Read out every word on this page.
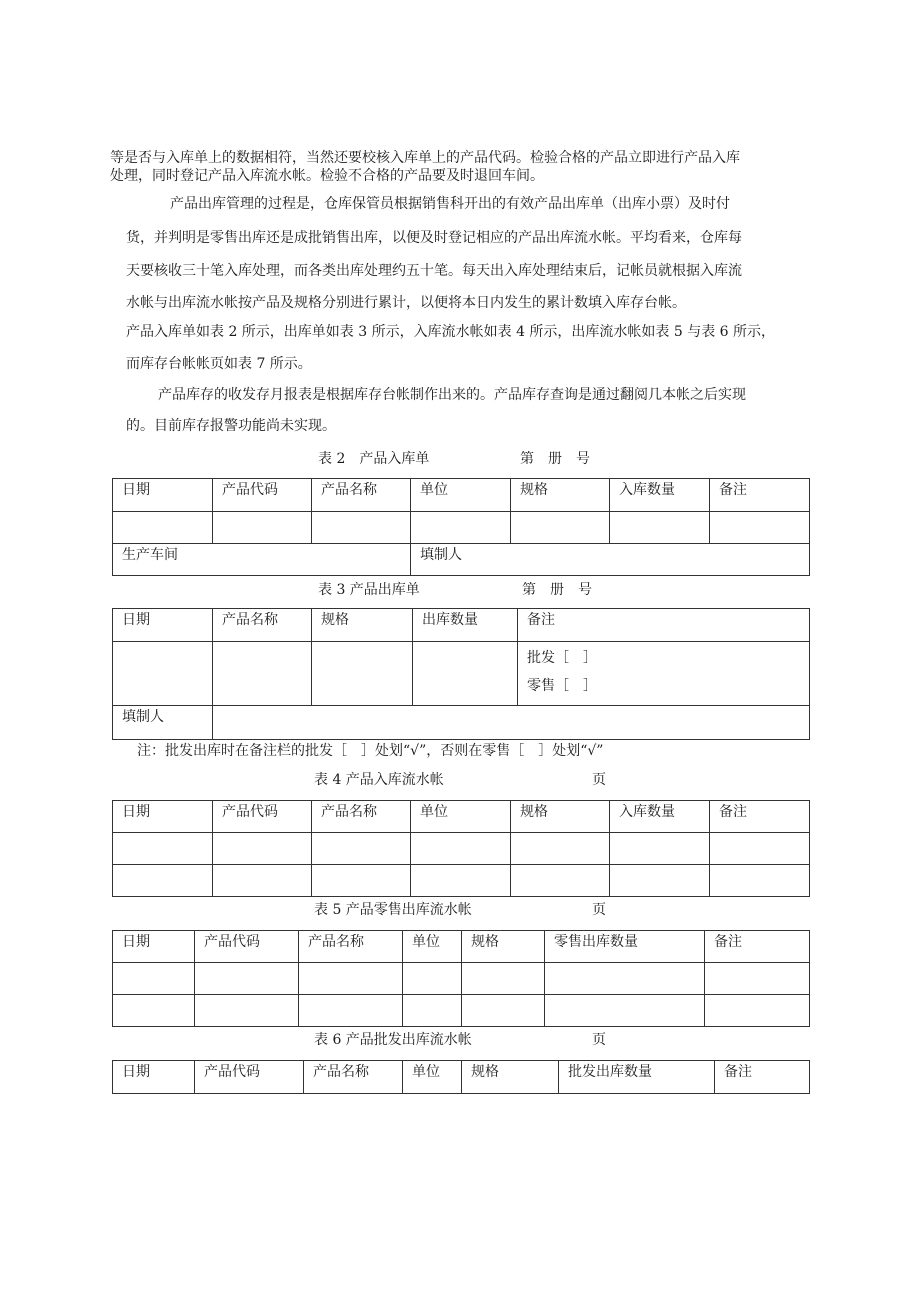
等是否与入库单上的数据相符，当然还要校核入库单上的产品代码。检验合格的产品立即进行产品入库
处理，同时登记产品入库流水帐。检验不合格的产品要及时退回车间。
产品出库管理的过程是，仓库保管员根据销售科开出的有效产品出库单（出库小票）及时付
货，并判明是零售出库还是成批销售出库，以便及时登记相应的产品出库流水帐。平均看来，仓库每
天要核收三十笔入库处理，而各类出库处理约五十笔。每天出入库处理结束后，记帐员就根据入库流
水帐与出库流水帐按产品及规格分别进行累计，以便将本日内发生的累计数填入库存台帐。
产品入库单如表 2 所示，出库单如表 3 所示，入库流水帐如表 4 所示，出库流水帐如表 5 与表 6 所示，
而库存台帐帐页如表 7 所示。
产品库存的收发存月报表是根据库存台帐制作出来的。产品库存查询是通过翻阅几本帐之后实现
的。目前库存报警功能尚未实现。
表 2　产品入库单	第　册　号
日期	产品代码	产品名称	单位	规格	入库数量	备注

生产车间			填制人			
表 3 产品出库单	第　册　号
日期	产品名称	规格	出库数量	备注

				批发［　］
零售［　］

填制人				
注：批发出库时在备注栏的批发［　］处划“√”，否则在零售［　］处划“√”
表 4 产品入库流水帐	页
日期	产品代码	产品名称	单位	规格	入库数量	备注

表 5 产品零售出库流水帐	页
日期	产品代码	产品名称	单位	规格	零售出库数量	备注

表 6 产品批发出库流水帐	页
日期	产品代码	产品名称	单位	规格	批发出库数量	备注
